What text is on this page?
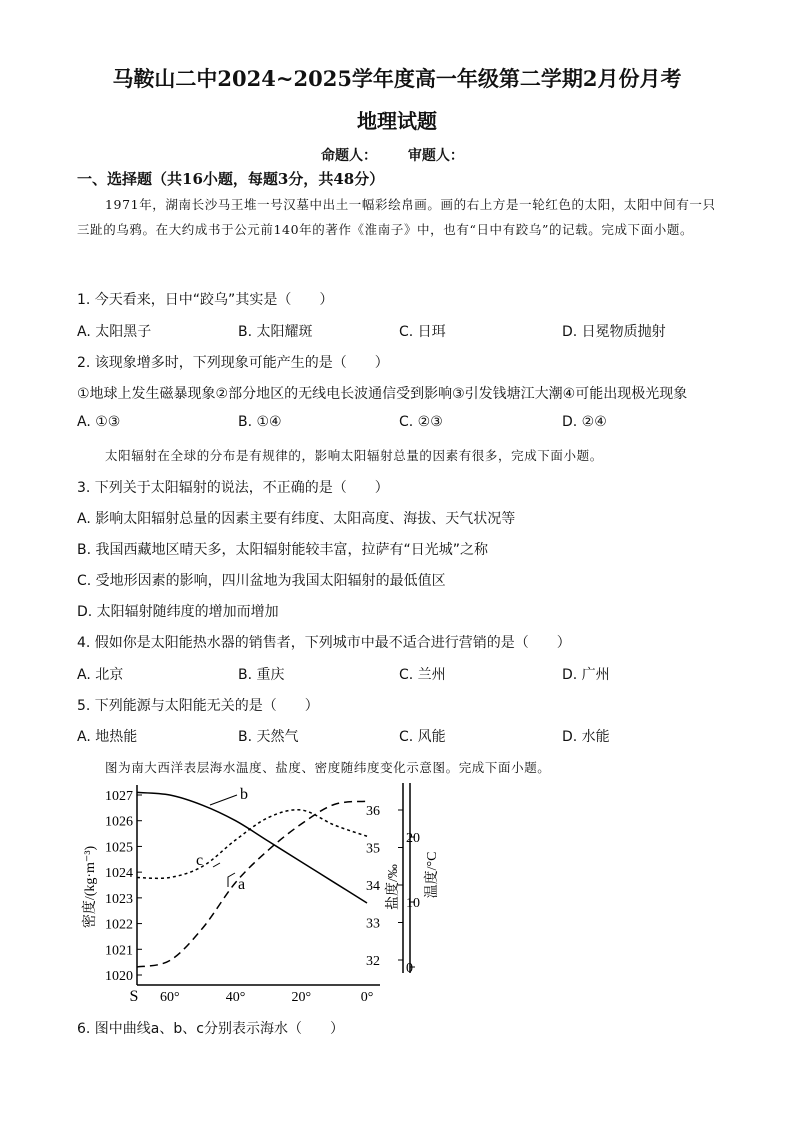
马鞍山二中2024~2025学年度高一年级第二学期2月份月考
地理试题
命题人： 审题人：
一、选择题（共16小题，每题3分，共48分）
1971年，湖南长沙马王堆一号汉墓中出土一幅彩绘帛画。画的右上方是一轮红色的太阳，太阳中间有一只三趾的乌鸦。在大约成书于公元前140年的著作《淮南子》中，也有“日中有跤乌”的记载。完成下面小题。
1. 今天看来，日中“跤乌”其实是（　　）
A. 太阳黑子	B. 太阳耀斑	C. 日珥	D. 日冕物质抛射
2. 该现象增多时，下列现象可能产生的是（　　）
①地球上发生磁暴现象②部分地区的无线电长波通信受到影响③引发钱塘江大潮④可能出现极光现象
A. ①③	B. ①④	C. ②③	D. ②④
太阳辐射在全球的分布是有规律的，影响太阳辐射总量的因素有很多，完成下面小题。
3. 下列关于太阳辐射的说法，不正确的是（　　）
A. 影响太阳辐射总量的因素主要有纬度、太阳高度、海拔、天气状况等
B. 我国西藏地区晴天多，太阳辐射能较丰富，拉萨有“日光城”之称
C. 受地形因素的影响，四川盆地为我国太阳辐射的最低值区
D. 太阳辐射随纬度的增加而增加
4. 假如你是太阳能热水器的销售者，下列城市中最不适合进行营销的是（　　）
A. 北京	B. 重庆	C. 兰州	D. 广州
5. 下列能源与太阳能无关的是（　　）
A. 地热能	B. 天然气	C. 风能	D. 水能
图为南大西洋表层海水温度、盐度、密度随纬度变化示意图。完成下面小题。
1020
1021
1022
1023
1024
1025
1026
1027
32
33
34
35
36
0
10
20
S 60°	40°	20°	0°
密度/(kg·m⁻³)	盐度/‰ 温度/°C
b
c
a
6. 图中曲线a、b、c分别表示海水（　　）
